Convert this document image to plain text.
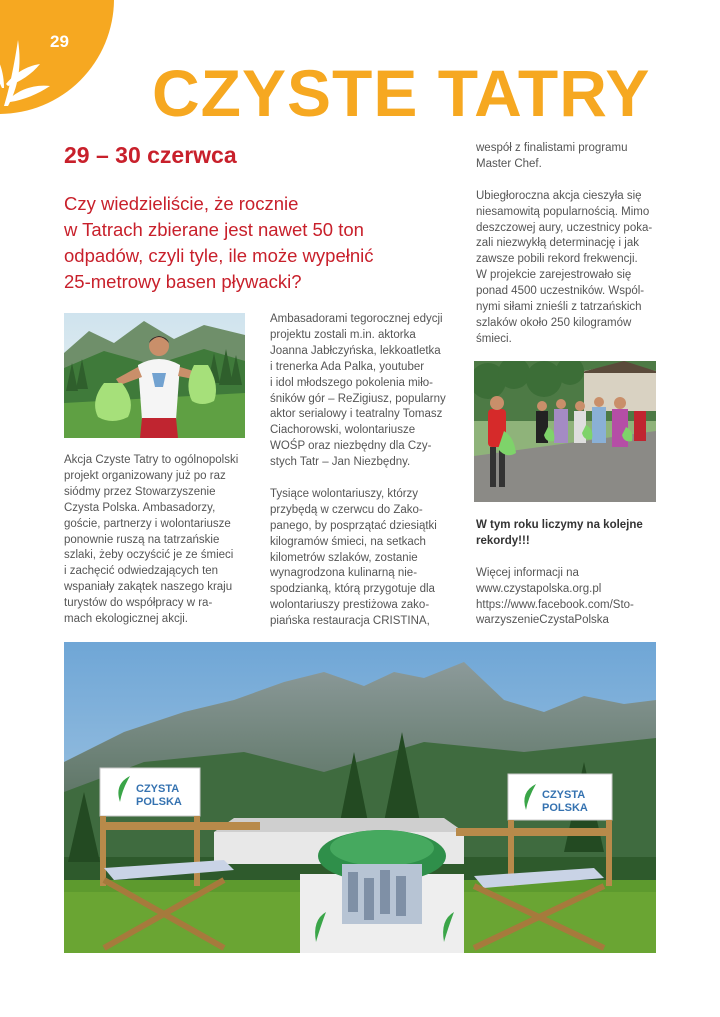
29
CZYSTE TATRY
29 – 30 czerwca
Czy wiedzieliście, że rocznie
w Tatrach zbierane jest nawet 50 ton
odpadów, czyli tyle, ile może wypełnić
25-metrowy basen pływacki?
Akcja Czyste Tatry to ogólnopolski
projekt organizowany już po raz
siódmy przez Stowarzyszenie
Czysta Polska. Ambasadorzy,
goście, partnerzy i wolontariusze
ponownie ruszą na tatrzańskie
szlaki, żeby oczyścić je ze śmieci
i zachęcić odwiedzających ten
wspaniały zakątek naszego kraju
turystów do współpracy w ra-
mach ekologicznej akcji.
Ambasadorami tegorocznej edycji
projektu zostali m.in. aktorka
Joanna Jabłczyńska, lekkoatletka
i trenerka Ada Palka, youtuber
i idol młodszego pokolenia miło-
śników gór – ReZigiusz, popularny
aktor serialowy i teatralny Tomasz
Ciachorowski, wolontariusze
WOŚP oraz niezbędny dla Czy-
stych Tatr – Jan Niezbędny.
Tysiące wolontariuszy, którzy
przybędą w czerwcu do Zako-
panego, by posprzątać dziesiątki
kilogramów śmieci, na setkach
kilometrów szlaków, zostanie
wynagrodzona kulinarną nie-
spodzianką, którą przygotuje dla
wolontariuszy prestiżowa zako-
piańska restauracja CRISTINA,
wespół z finalistami programu
Master Chef.
Ubiegłoroczna akcja cieszyła się
niesamowitą popularnością. Mimo
deszczowej aury, uczestnicy poka-
zali niezwykłą determinację i jak
zawsze pobili rekord frekwencji.
W projekcie zarejestrowało się
ponad 4500 uczestników. Wspól-
nymi siłami znieśli z tatrzańskich
szlaków około 250 kilogramów
śmieci.
W tym roku liczymy na kolejne
rekordy!!!
Więcej informacji na
www.czystapolska.org.pl
https://www.facebook.com/Sto-
warzyszenieCzystaPolska
CZYSTA
POLSKA
CZYSTA
POLSKA
